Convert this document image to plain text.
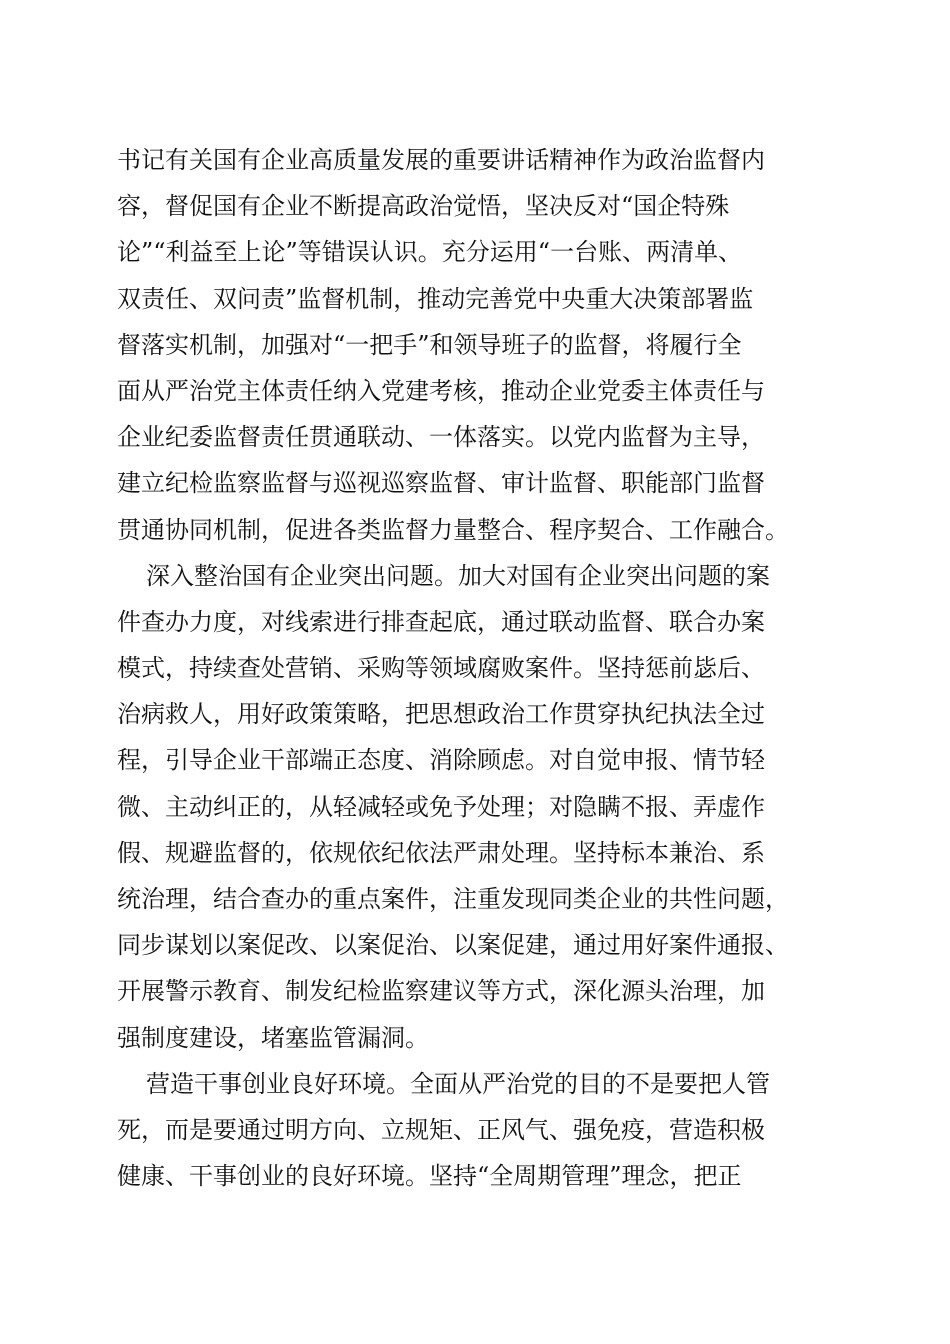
书记有关国有企业高质量发展的重要讲话精神作为政治监督内
容，督促国有企业不断提高政治觉悟，坚决反对“国企特殊
论”“利益至上论”等错误认识。充分运用“一台账、两清单、
双责任、双问责”监督机制，推动完善党中央重大决策部署监
督落实机制，加强对“一把手”和领导班子的监督，将履行全
面从严治党主体责任纳入党建考核，推动企业党委主体责任与
企业纪委监督责任贯通联动、一体落实。以党内监督为主导，
建立纪检监察监督与巡视巡察监督、审计监督、职能部门监督
贯通协同机制，促进各类监督力量整合、程序契合、工作融合。
深入整治国有企业突出问题。加大对国有企业突出问题的案
件查办力度，对线索进行排查起底，通过联动监督、联合办案
模式，持续查处营销、采购等领域腐败案件。坚持惩前毖后、
治病救人，用好政策策略，把思想政治工作贯穿执纪执法全过
程，引导企业干部端正态度、消除顾虑。对自觉申报、情节轻
微、主动纠正的，从轻减轻或免予处理；对隐瞒不报、弄虚作
假、规避监督的，依规依纪依法严肃处理。坚持标本兼治、系
统治理，结合查办的重点案件，注重发现同类企业的共性问题，
同步谋划以案促改、以案促治、以案促建，通过用好案件通报、
开展警示教育、制发纪检监察建议等方式，深化源头治理，加
强制度建设，堵塞监管漏洞。
营造干事创业良好环境。全面从严治党的目的不是要把人管
死，而是要通过明方向、立规矩、正风气、强免疫，营造积极
健康、干事创业的良好环境。坚持“全周期管理”理念，把正
